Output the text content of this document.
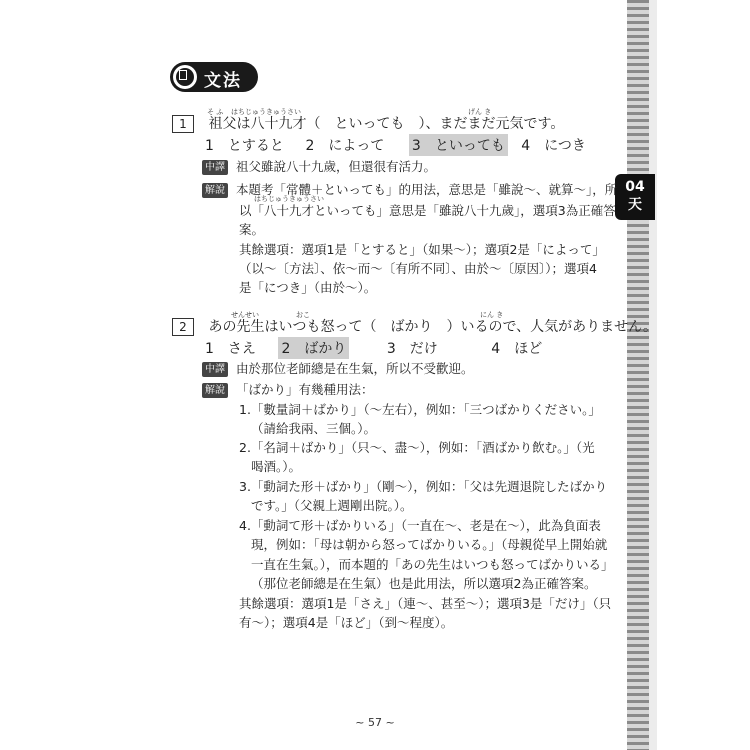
04
天
文法
そ ふ はちじゅうきゅうさい	げん き
1 祖父は八十九才（　といっても　）、まだまだ元気です。
1　とすると 2　によって 3　といっても 4　につき
中譯 祖父雖說八十九歲，但還很有活力。
解說 本題考「常體＋といっても」的用法，意思是「雖說～、就算～」，所
はちじゅうきゅうさい
以「八十九才といっても」意思是「雖說八十九歲」，選項3為正確答
案。
其餘選項：選項1是「とすると」（如果～）；選項2是「によって」
（以～〔方法〕、依～而～〔有所不同〕、由於～〔原因〕）；選項4
是「につき」（由於～）。
せんせい	おこ	にん き
2 あの先生はいつも怒って（　ばかり　）いるので、人気がありません。
1　さえ 2　ばかり	3　だけ	4　ほど
中譯 由於那位老師總是在生氣，所以不受歡迎。
解說 「ばかり」有幾種用法：
1.「數量詞＋ばかり」（～左右），例如：「三つばかりください。」
（請給我兩、三個。）。
2.「名詞＋ばかり」（只～、盡～），例如：「酒ばかり飲む。」（光
喝酒。）。
3.「動詞た形＋ばかり」（剛～），例如：「父は先週退院したばかり
です。」（父親上週剛出院。）。
4.「動詞て形＋ばかりいる」（一直在～、老是在～），此為負面表
現，例如：「母は朝から怒ってばかりいる。」（母親從早上開始就
一直在生氣。），而本題的「あの先生はいつも怒ってばかりいる」
（那位老師總是在生氣）也是此用法，所以選項2為正確答案。
其餘選項：選項1是「さえ」（連～、甚至～）；選項3是「だけ」（只
有～）；選項4是「ほど」（到～程度）。
~ 57 ~
